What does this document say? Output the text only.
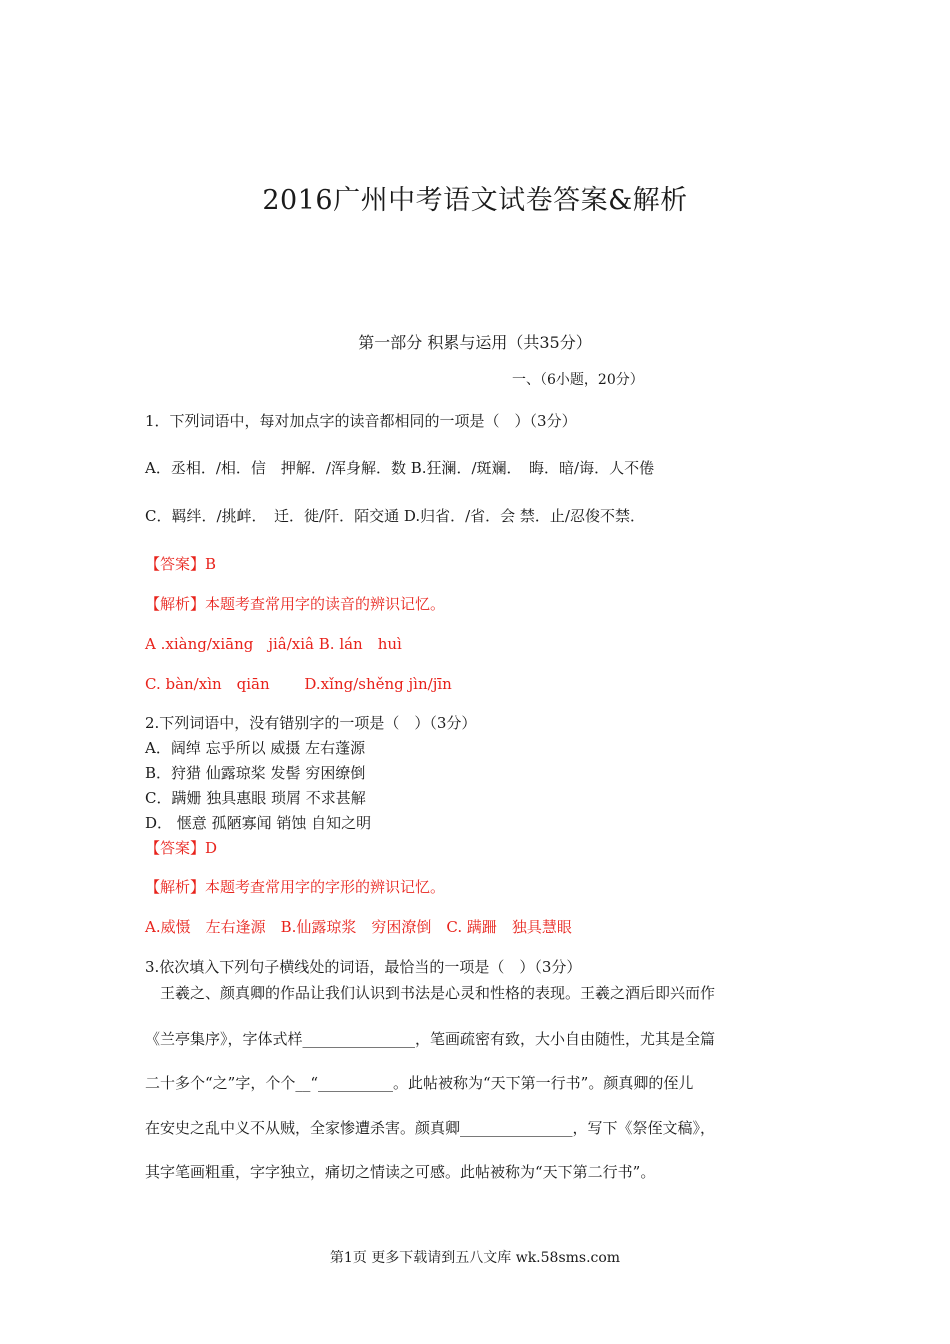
2016广州中考语文试卷答案&解析
第一部分 积累与运用（共35分）
一、（6小题，20分）
1．下列词语中，每对加点字的读音都相同的一项是（　）（3分）
A．丞相．/相．信　押解．/浑身解．数 B.狂澜．/斑斓．　晦．暗/诲．人不倦
C．羁绊．/挑衅．　迁．徙/阡．陌交通 D.归省．/省．会 禁．止/忍俊不禁．
【答案】B
【解析】本题考查常用字的读音的辨识记忆。
A .xiàng/xiāng　jiâ/xiâ B. lán　huì
C. bàn/xìn　qiān　　 D.xǐng/shěng jìn/jīn
2.下列词语中，没有错别字的一项是（　）（3分）
A．阔绰 忘乎所以 威摄 左右蓬源
B．狩猎 仙露琼桨 发髻 穷困缭倒
C．蹒姗 独具惠眼 琐屑 不求甚解
D． 惬意 孤陋寡闻 销蚀 自知之明
【答案】D
【解析】本题考查常用字的字形的辨识记忆。
A.威慑　左右逢源　B.仙露琼浆　穷困潦倒　C. 蹒跚　独具慧眼
3.依次填入下列句子横线处的词语，最恰当的一项是（　）（3分）
　王羲之、颜真卿的作品让我们认识到书法是心灵和性格的表现。王羲之酒后即兴而作
《兰亭集序》，字体式样_______________，笔画疏密有致，大小自由随性，尤其是全篇
二十多个“之”字，个个__“__________。此帖被称为“天下第一行书”。颜真卿的侄儿
在安史之乱中义不从贼，全家惨遭杀害。颜真卿_______________，写下《祭侄文稿》，
其字笔画粗重，字字独立，痛切之情读之可感。此帖被称为“天下第二行书”。
第1页 更多下载请到五八文库 wk.58sms.com
